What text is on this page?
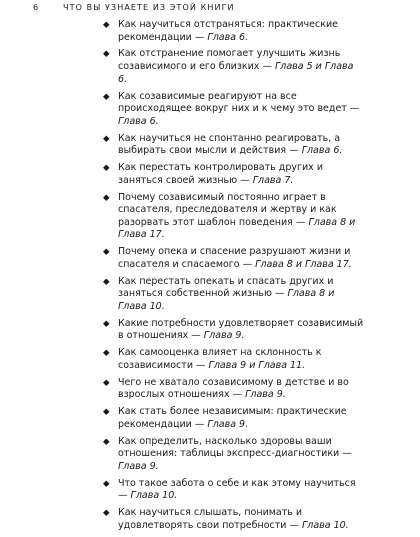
6	ЧТО ВЫ УЗНАЕТЕ ИЗ ЭТОЙ КНИГИ
◆ Как научиться отстраняться: практические рекомендации — Глава 6.
◆ Как отстранение помогает улучшить жизнь созависимого и его близких — Глава 5 и Глава 6.
◆ Как созависимые реагируют на все происходящее вокруг них и к чему это ведет — Глава 6.
◆ Как научиться не спонтанно реагировать, а выбирать свои мысли и действия — Глава 6.
◆ Как перестать контролировать других и заняться своей жизнью — Глава 7.
◆ Почему созависимый постоянно играет в спасателя, преследователя и жертву и как разорвать этот шаблон поведения — Глава 8 и Глава 17.
◆ Почему опека и спасение разрушают жизни и спасателя и спасаемого — Глава 8 и Глава 17.
◆ Как перестать опекать и спасать других и заняться собственной жизнью — Глава 8 и Глава 10.
◆ Какие потребности удовлетворяет созависимый в отношениях — Глава 9.
◆ Как самооценка влияет на склонность к созависимости — Глава 9 и Глава 11.
◆ Чего не хватало созависимому в детстве и во взрослых отношениях — Глава 9.
◆ Как стать более независимым: практические рекомендации — Глава 9.
◆ Как определить, насколько здоровы ваши отношения: таблицы экспресс-диагностики — Глава 9.
◆ Что такое забота о себе и как этому научиться — Глава 10.
◆ Как научиться слышать, понимать и удовлетворять свои потребности — Глава 10.
